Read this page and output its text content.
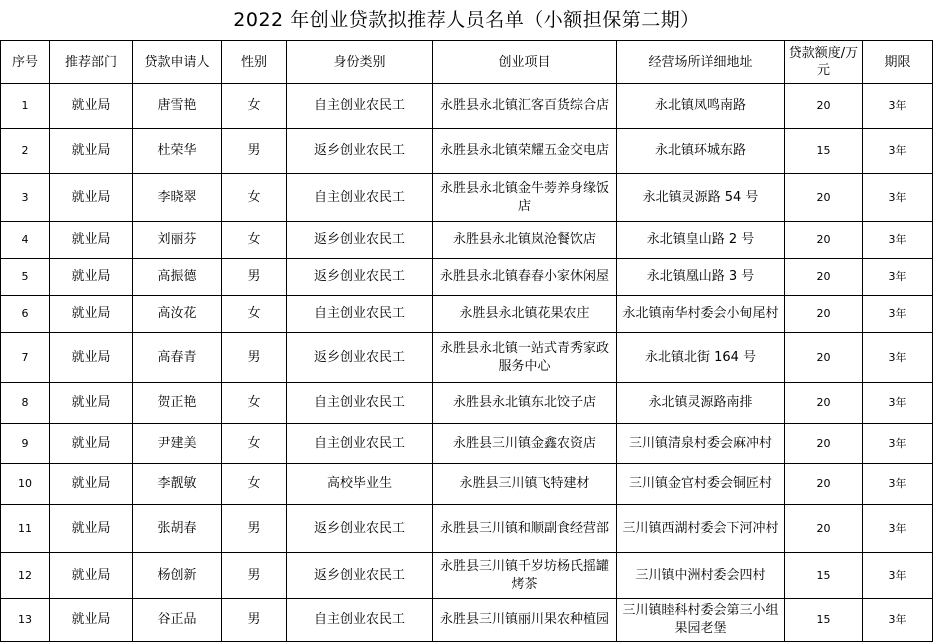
2022 年创业贷款拟推荐人员名单（小额担保第二期）
序号	推荐部门	贷款申请人	性别	身份类别	创业项目	经营场所详细地址	贷款额度/万元	期限
1	就业局	唐雪艳	女	自主创业农民工	永胜县永北镇汇客百货综合店	永北镇凤鸣南路	20	3年
2	就业局	杜荣华	男	返乡创业农民工	永胜县永北镇荣耀五金交电店	永北镇环城东路	15	3年
3	就业局	李晓翠	女	自主创业农民工	永胜县永北镇金牛蒡养身缘饭店	永北镇灵源路 54 号	20	3年
4	就业局	刘丽芬	女	返乡创业农民工	永胜县永北镇岚沧餐饮店	永北镇皇山路 2 号	20	3年
5	就业局	高振德	男	返乡创业农民工	永胜县永北镇春春小家休闲屋	永北镇凰山路 3 号	20	3年
6	就业局	高汝花	女	自主创业农民工	永胜县永北镇花果农庄	永北镇南华村委会小甸尾村	20	3年
7	就业局	高春青	男	返乡创业农民工	永胜县永北镇一站式青秀家政服务中心	永北镇北街 164 号	20	3年
8	就业局	贺正艳	女	自主创业农民工	永胜县永北镇东北饺子店	永北镇灵源路南排	20	3年
9	就业局	尹建美	女	自主创业农民工	永胜县三川镇金鑫农资店	三川镇清泉村委会麻冲村	20	3年
10	就业局	李靓敏	女	高校毕业生	永胜县三川镇飞特建材	三川镇金官村委会铜匠村	20	3年
11	就业局	张胡春	男	返乡创业农民工	永胜县三川镇和顺副食经营部	三川镇西湖村委会下河冲村	20	3年
12	就业局	杨创新	男	返乡创业农民工	永胜县三川镇千岁坊杨氏摇罐烤茶	三川镇中洲村委会四村	15	3年
13	就业局	谷正品	男	自主创业农民工	永胜县三川镇丽川果农种植园	三川镇睦科村委会第三小组果园老堡	15	3年
